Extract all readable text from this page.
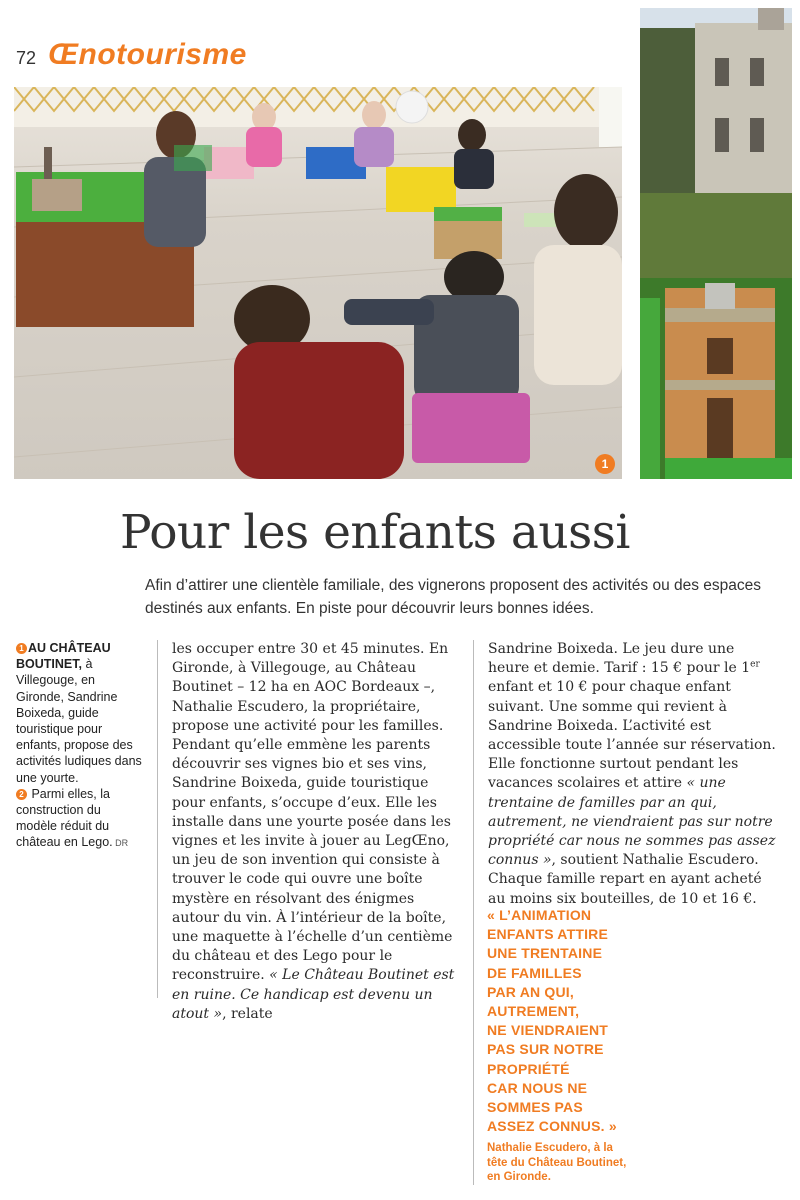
72 Œnotourisme
1
Pour les enfants aussi
Afin d’attirer une clientèle familiale, des vignerons proposent des activités ou des espaces destinés aux enfants. En piste pour découvrir leurs bonnes idées.
1 AU CHÂTEAU BOUTINET, à Villegouge, en Gironde, Sandrine Boixeda, guide touristique pour enfants, propose des activités ludiques dans une yourte.
2 Parmi elles, la construction du modèle réduit du château en Lego. DR

les occuper entre 30 et 45 minutes. En Gironde, à Villegouge, au Château Boutinet – 12 ha en AOC Bordeaux –, Nathalie Escudero, la propriétaire, propose une activité pour les familles. Pendant qu’elle emmène les parents découvrir ses vignes bio et ses vins, Sandrine Boixeda, guide touristique pour enfants, s’occupe d’eux. Elle les installe dans une yourte posée dans les vignes et les invite à jouer au LegŒno, un jeu de son invention qui consiste à trouver le code qui ouvre une boîte mystère en résolvant des énigmes autour du vin. À l’intérieur de la boîte, une maquette à l’échelle d’un centième du château et des Lego pour le reconstruire. « Le Château Boutinet est en ruine. Ce handicap est devenu un atout », relate

Sandrine Boixeda. Le jeu dure une heure et demie. Tarif : 15 € pour le 1er enfant et 10 € pour chaque enfant suivant. Une somme qui revient à Sandrine Boixeda. L’activité est accessible toute l’année sur réservation. Elle fonctionne surtout pendant les vacances scolaires et attire « une trentaine de familles par an qui, autrement, ne viendraient pas sur notre propriété car nous ne sommes pas assez connus », soutient Nathalie Escudero. Chaque famille repart en ayant acheté au moins six bouteilles, de 10 et 16 €.

« L’ANIMATION
ENFANTS ATTIRE
UNE TRENTAINE
DE FAMILLES
PAR AN QUI,
AUTREMENT,
NE VIENDRAIENT
PAS SUR NOTRE
PROPRIÉTÉ
CAR NOUS NE
SOMMES PAS
ASSEZ CONNUS. »
Nathalie Escudero, à la tête du Château Boutinet, en Gironde.
